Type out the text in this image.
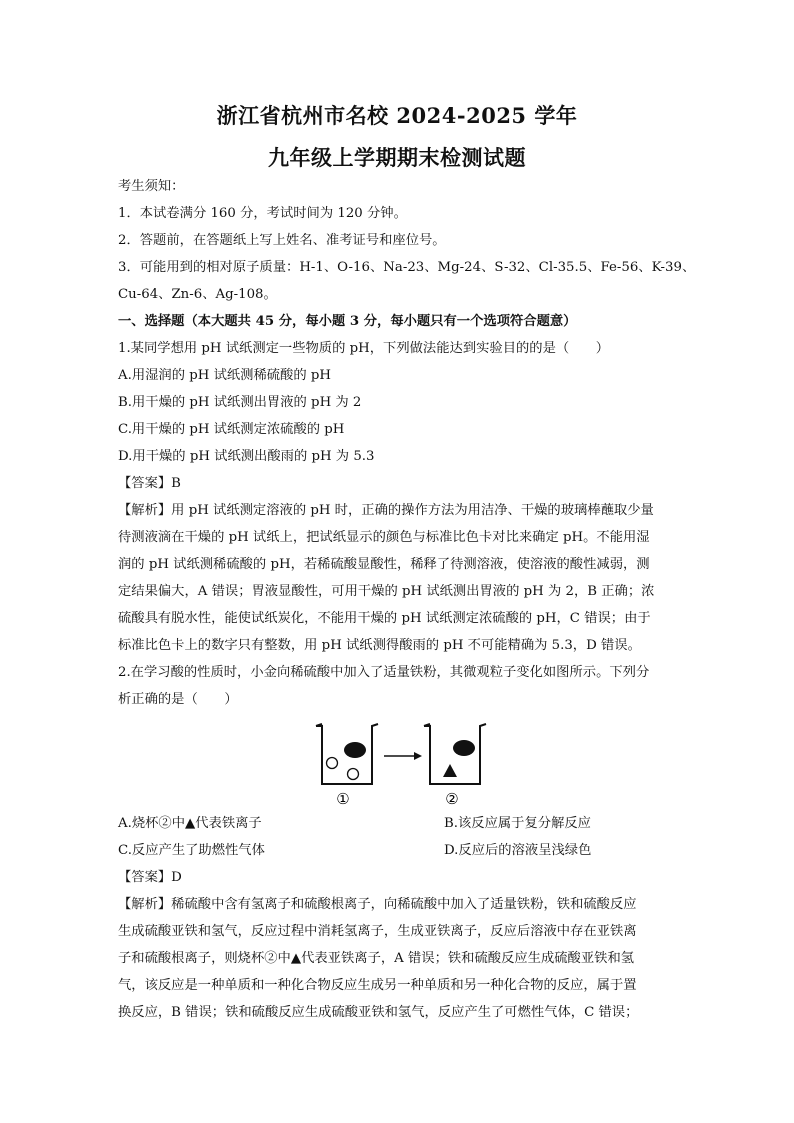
浙江省杭州市名校 2024-2025 学年
九年级上学期期末检测试题
考生须知：
1．本试卷满分 160 分，考试时间为 120 分钟。
2．答题前，在答题纸上写上姓名、准考证号和座位号。
3．可能用到的相对原子质量：H-1、O-16、Na-23、Mg-24、S-32、Cl-35.5、Fe-56、K-39、
Cu-64、Zn-6、Ag-108。
一、选择题（本大题共 45 分，每小题 3 分，每小题只有一个选项符合题意）
1.某同学想用 pH 试纸测定一些物质的 pH，下列做法能达到实验目的的是（　　）
A.用湿润的 pH 试纸测稀硫酸的 pH
B.用干燥的 pH 试纸测出胃液的 pH 为 2
C.用干燥的 pH 试纸测定浓硫酸的 pH
D.用干燥的 pH 试纸测出酸雨的 pH 为 5.3
【答案】B
【解析】用 pH 试纸测定溶液的 pH 时，正确的操作方法为用洁净、干燥的玻璃棒蘸取少量
待测液滴在干燥的 pH 试纸上，把试纸显示的颜色与标准比色卡对比来确定 pH。不能用湿
润的 pH 试纸测稀硫酸的 pH，若稀硫酸显酸性，稀释了待测溶液，使溶液的酸性减弱，测
定结果偏大，A 错误；胃液显酸性，可用干燥的 pH 试纸测出胃液的 pH 为 2，B 正确；浓
硫酸具有脱水性，能使试纸炭化，不能用干燥的 pH 试纸测定浓硫酸的 pH，C 错误；由于
标准比色卡上的数字只有整数，用 pH 试纸测得酸雨的 pH 不可能精确为 5.3，D 错误。
2.在学习酸的性质时，小金向稀硫酸中加入了适量铁粉，其微观粒子变化如图所示。下列分
析正确的是（　　）
①	②
A.烧杯②中▲代表铁离子	B.该反应属于复分解反应
C.反应产生了助燃性气体	D.反应后的溶液呈浅绿色
【答案】D
【解析】稀硫酸中含有氢离子和硫酸根离子，向稀硫酸中加入了适量铁粉，铁和硫酸反应
生成硫酸亚铁和氢气，反应过程中消耗氢离子，生成亚铁离子，反应后溶液中存在亚铁离
子和硫酸根离子，则烧杯②中▲代表亚铁离子，A 错误；铁和硫酸反应生成硫酸亚铁和氢
气，该反应是一种单质和一种化合物反应生成另一种单质和另一种化合物的反应，属于置
换反应，B 错误；铁和硫酸反应生成硫酸亚铁和氢气，反应产生了可燃性气体，C 错误；
